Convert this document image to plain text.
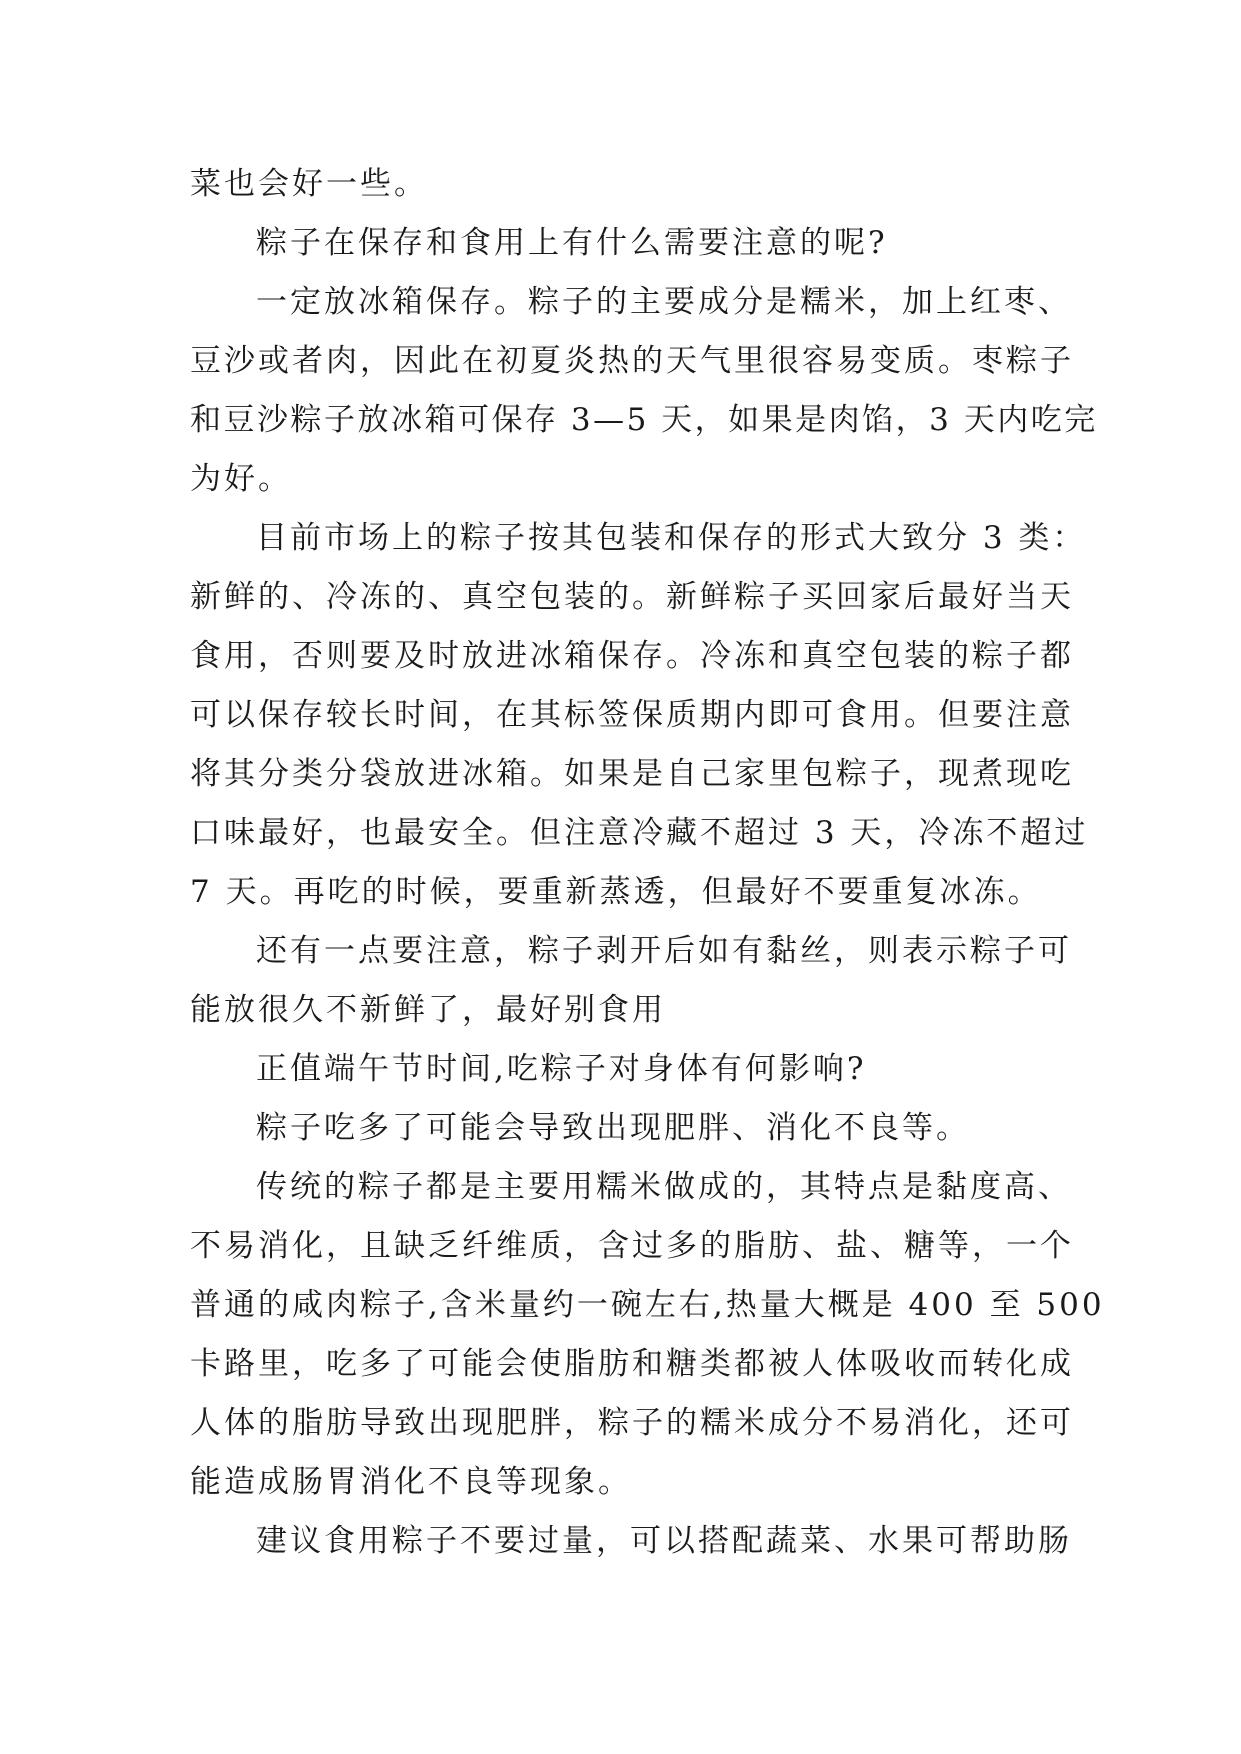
菜也会好一些。
粽子在保存和食用上有什么需要注意的呢?
一定放冰箱保存。粽子的主要成分是糯米，加上红枣、
豆沙或者肉，因此在初夏炎热的天气里很容易变质。枣粽子
和豆沙粽子放冰箱可保存 3—5 天，如果是肉馅，3 天内吃完
为好。
目前市场上的粽子按其包装和保存的形式大致分 3 类：
新鲜的、冷冻的、真空包装的。新鲜粽子买回家后最好当天
食用，否则要及时放进冰箱保存。冷冻和真空包装的粽子都
可以保存较长时间，在其标签保质期内即可食用。但要注意
将其分类分袋放进冰箱。如果是自己家里包粽子，现煮现吃
口味最好，也最安全。但注意冷藏不超过 3 天，冷冻不超过
7 天。再吃的时候，要重新蒸透，但最好不要重复冰冻。
还有一点要注意，粽子剥开后如有黏丝，则表示粽子可
能放很久不新鲜了，最好别食用
正值端午节时间,吃粽子对身体有何影响?
粽子吃多了可能会导致出现肥胖、消化不良等。
传统的粽子都是主要用糯米做成的，其特点是黏度高、
不易消化，且缺乏纤维质，含过多的脂肪、盐、糖等，一个
普通的咸肉粽子,含米量约一碗左右,热量大概是 400 至 500
卡路里，吃多了可能会使脂肪和糖类都被人体吸收而转化成
人体的脂肪导致出现肥胖，粽子的糯米成分不易消化，还可
能造成肠胃消化不良等现象。
建议食用粽子不要过量，可以搭配蔬菜、水果可帮助肠
